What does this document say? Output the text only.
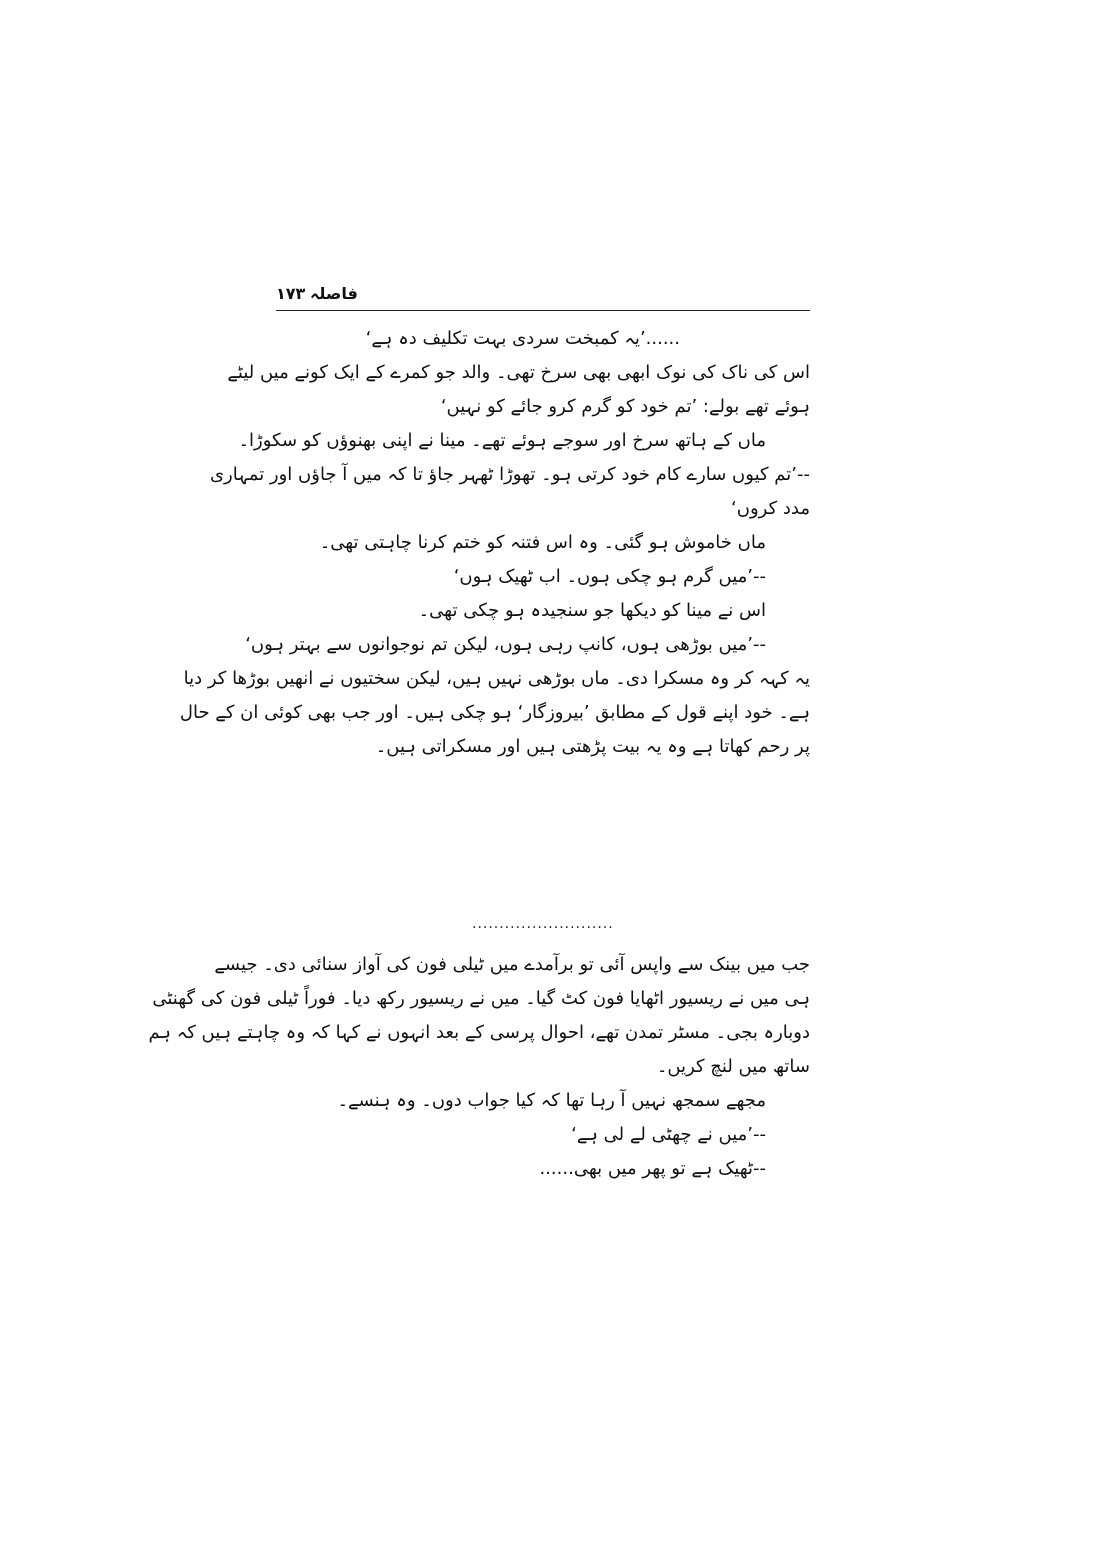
۱۷۳ فاصلہ
......’یہ کمبخت سردی بہت تکلیف دہ ہے‘
اس کی ناک کی نوک ابھی بھی سرخ تھی۔ والد جو کمرے کے ایک کونے میں لیٹے
ہوئے تھے بولے: ’تم خود کو گرم کرو جائے کو نہیں‘
ماں کے ہاتھ سرخ اور سوجے ہوئے تھے۔ مینا نے اپنی بھنوؤں کو سکوڑا۔
--’تم کیوں سارے کام خود کرتی ہو۔ تھوڑا ٹھہر جاؤ تا کہ میں آ جاؤں اور تمہاری
مدد کروں‘
ماں خاموش ہو گئی۔ وہ اس فتنہ کو ختم کرنا چاہتی تھی۔
--’میں گرم ہو چکی ہوں۔ اب ٹھیک ہوں‘
اس نے مینا کو دیکھا جو سنجیدہ ہو چکی تھی۔
--’میں بوڑھی ہوں، کانپ رہی ہوں، لیکن تم نوجوانوں سے بہتر ہوں‘
یہ کہہ کر وہ مسکرا دی۔ ماں بوڑھی نہیں ہیں، لیکن سختیوں نے انھیں بوڑھا کر دیا
ہے۔ خود اپنے قول کے مطابق ’بیروزگار‘ ہو چکی ہیں۔ اور جب بھی کوئی ان کے حال
پر رحم کھاتا ہے وہ یہ بیت پڑھتی ہیں اور مسکراتی ہیں۔
..........................
جب میں بینک سے واپس آئی تو برآمدے میں ٹیلی فون کی آواز سنائی دی۔ جیسے
ہی میں نے ریسیور اٹھایا فون کٹ گیا۔ میں نے ریسیور رکھ دیا۔ فوراً ٹیلی فون کی گھنٹی
دوبارہ بجی۔ مسٹر تمدن تھے، احوال پرسی کے بعد انہوں نے کہا کہ وہ چاہتے ہیں کہ ہم
ساتھ میں لنچ کریں۔
مجھے سمجھ نہیں آ رہا تھا کہ کیا جواب دوں۔ وہ ہنسے۔
--’میں نے چھٹی لے لی ہے‘
--ٹھیک ہے تو پھر میں بھی......
